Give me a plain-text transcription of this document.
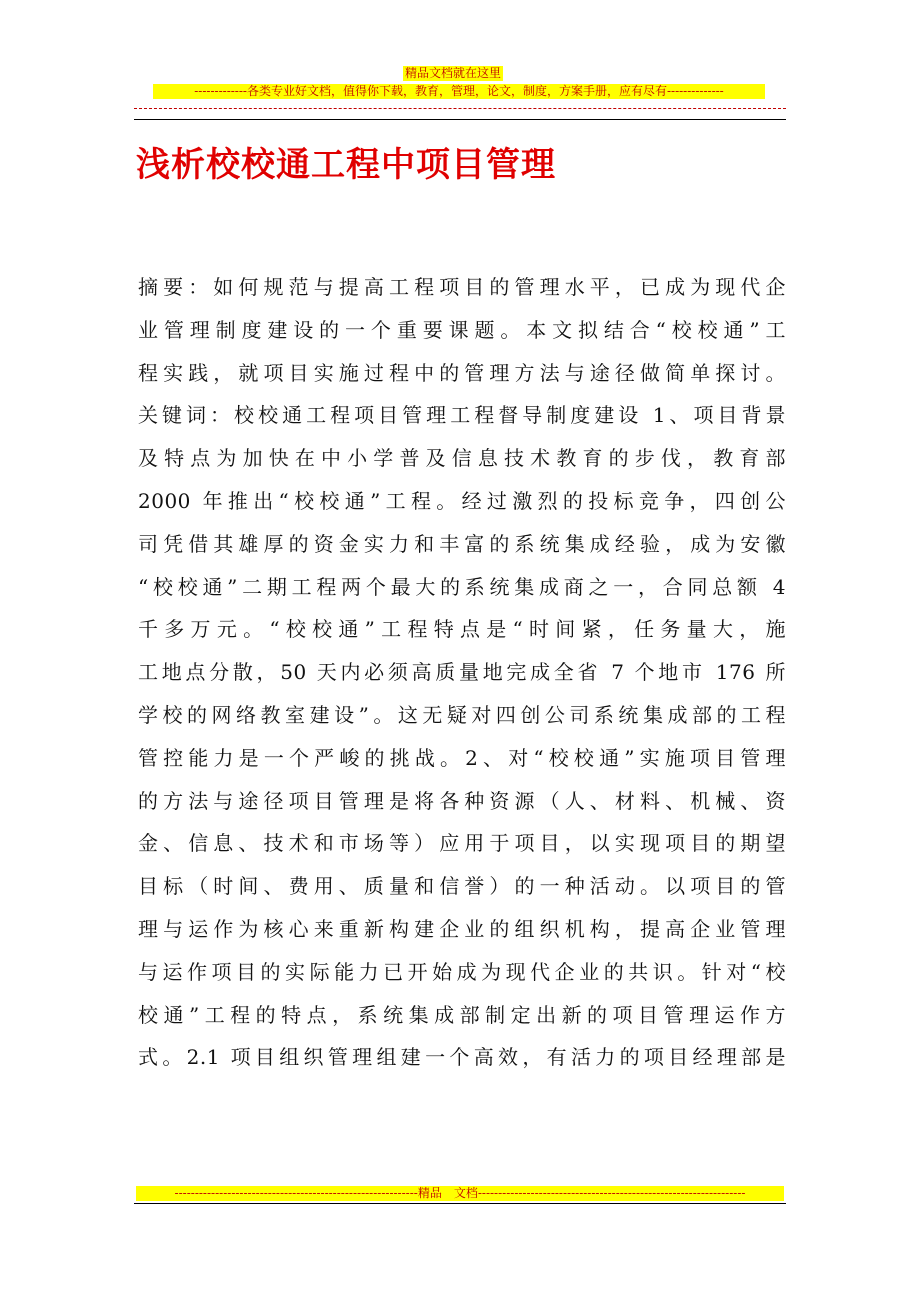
精品文档就在这里
-------------各类专业好文档，值得你下载，教育，管理，论文，制度，方案手册，应有尽有--------------
浅析校校通工程中项目管理
摘要：如何规范与提高工程项目的管理水平，已成为现代企
业管理制度建设的一个重要课题。本文拟结合“校校通”工
程实践，就项目实施过程中的管理方法与途径做简单探讨。
关键词：校校通工程项目管理工程督导制度建设 1、项目背景
及特点为加快在中小学普及信息技术教育的步伐，教育部
2000 年推出“校校通”工程。经过激烈的投标竞争，四创公
司凭借其雄厚的资金实力和丰富的系统集成经验，成为安徽
“校校通”二期工程两个最大的系统集成商之一，合同总额 4
千多万元。“校校通”工程特点是“时间紧，任务量大，施
工地点分散，50 天内必须高质量地完成全省 7 个地市 176 所
学校的网络教室建设”。这无疑对四创公司系统集成部的工程
管控能力是一个严峻的挑战。2、对“校校通”实施项目管理
的方法与途径项目管理是将各种资源（人、材料、机械、资
金、信息、技术和市场等）应用于项目，以实现项目的期望
目标（时间、费用、质量和信誉）的一种活动。以项目的管
理与运作为核心来重新构建企业的组织机构，提高企业管理
与运作项目的实际能力已开始成为现代企业的共识。针对“校
校通”工程的特点，系统集成部制定出新的项目管理运作方
式。2.1 项目组织管理组建一个高效，有活力的项目经理部是
------------------------------------------------------------精品　文档------------------------------------------------------------------
